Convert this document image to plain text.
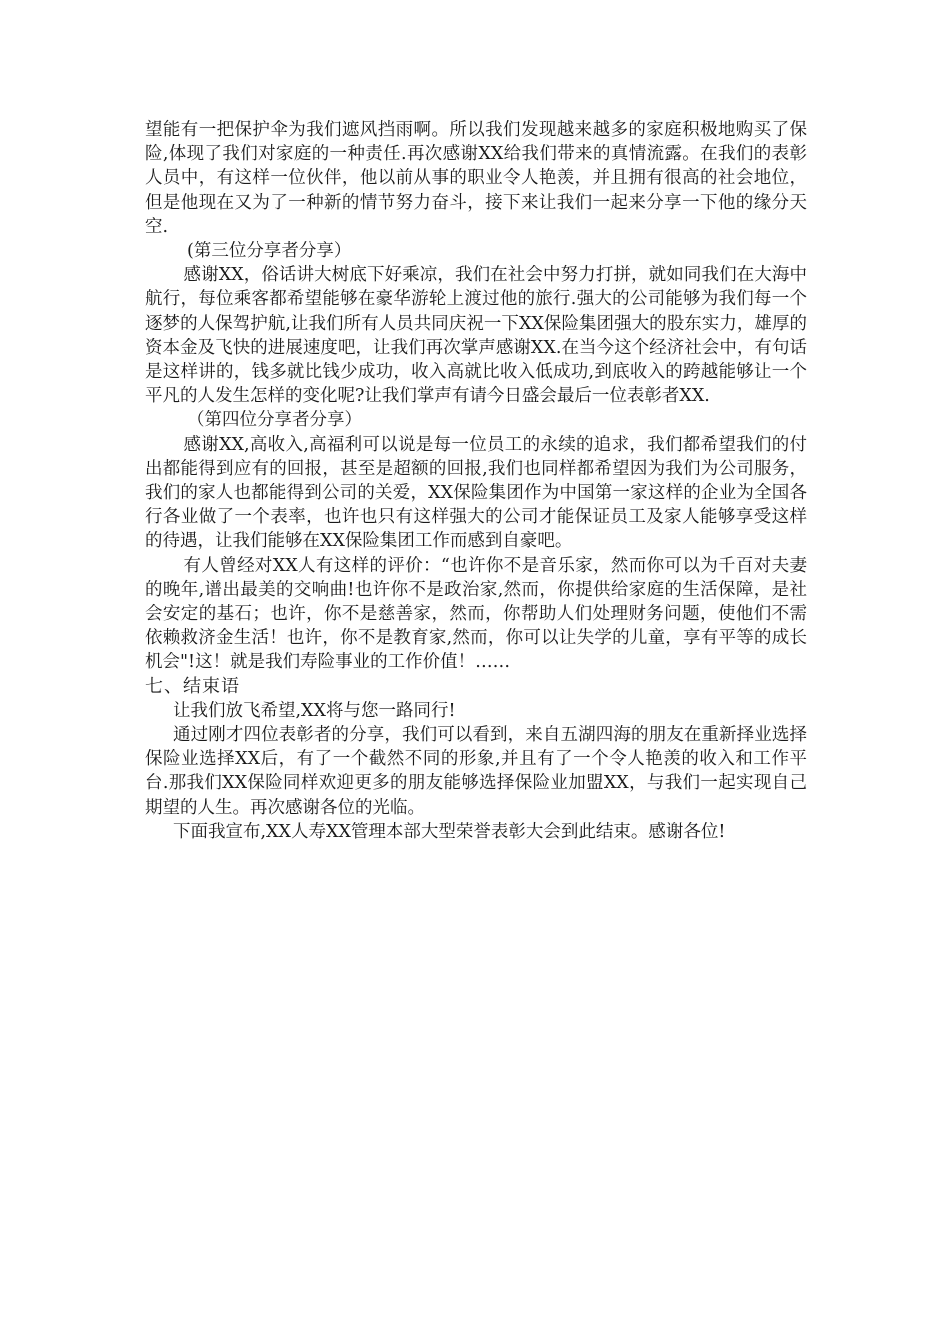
望能有一把保护伞为我们遮风挡雨啊。所以我们发现越来越多的家庭积极地购买了保险,体现了我们对家庭的一种责任.再次感谢XX给我们带来的真情流露。在我们的表彰人员中，有这样一位伙伴，他以前从事的职业令人艳羡，并且拥有很高的社会地位，但是他现在又为了一种新的情节努力奋斗，接下来让我们一起来分享一下他的缘分天空.

(第三位分享者分享）

感谢XX，俗话讲大树底下好乘凉，我们在社会中努力打拼，就如同我们在大海中航行，每位乘客都希望能够在豪华游轮上渡过他的旅行.强大的公司能够为我们每一个逐梦的人保驾护航,让我们所有人员共同庆祝一下XX保险集团强大的股东实力，雄厚的资本金及飞快的进展速度吧，让我们再次掌声感谢XX.在当今这个经济社会中，有句话是这样讲的，钱多就比钱少成功，收入高就比收入低成功,到底收入的跨越能够让一个平凡的人发生怎样的变化呢?让我们掌声有请今日盛会最后一位表彰者XX.

（第四位分享者分享）

感谢XX,高收入,高福利可以说是每一位员工的永续的追求，我们都希望我们的付出都能得到应有的回报，甚至是超额的回报,我们也同样都希望因为我们为公司服务，我们的家人也都能得到公司的关爱，XX保险集团作为中国第一家这样的企业为全国各行各业做了一个表率，也许也只有这样强大的公司才能保证员工及家人能够享受这样的待遇，让我们能够在XX保险集团工作而感到自豪吧。

有人曾经对XX人有这样的评价：“也许你不是音乐家，然而你可以为千百对夫妻的晚年,谱出最美的交响曲!也许你不是政治家,然而，你提供给家庭的生活保障，是社会安定的基石；也许，你不是慈善家，然而，你帮助人们处理财务问题，使他们不需依赖救济金生活！也许，你不是教育家,然而，你可以让失学的儿童，享有平等的成长机会"!这！就是我们寿险事业的工作价值！……

七、结束语

让我们放飞希望,XX将与您一路同行!

通过刚才四位表彰者的分享，我们可以看到，来自五湖四海的朋友在重新择业选择保险业选择XX后，有了一个截然不同的形象,并且有了一个令人艳羡的收入和工作平台.那我们XX保险同样欢迎更多的朋友能够选择保险业加盟XX，与我们一起实现自己期望的人生。再次感谢各位的光临。

下面我宣布,XX人寿XX管理本部大型荣誉表彰大会到此结束。感谢各位!
